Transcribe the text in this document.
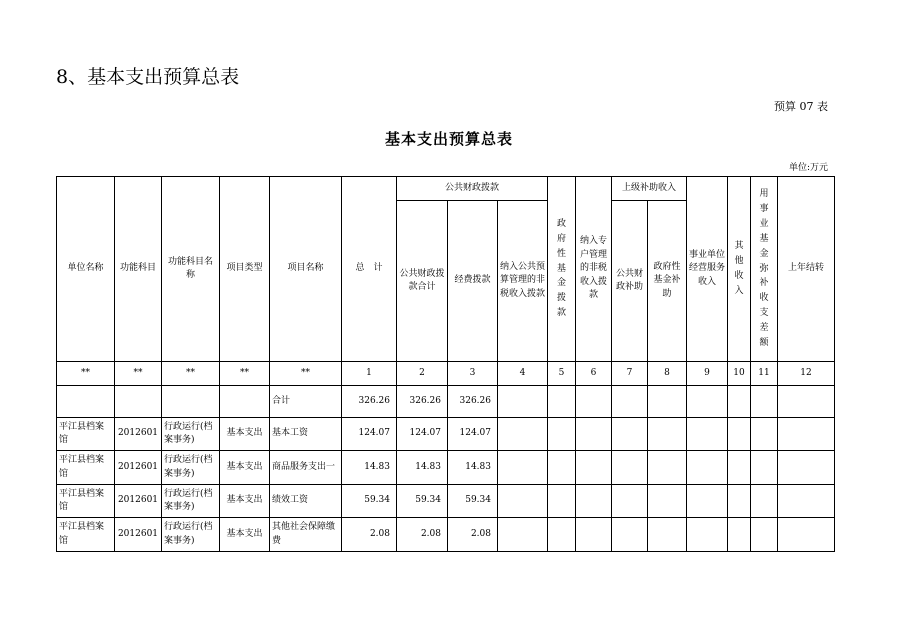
8、基本支出预算总表
预算 07 表
基本支出预算总表
单位:万元
单位名称	功能科目	功能科目名称	项目类型	项目名称	总　计	公共财政拨款			政府性基金拨款	纳入专户管理的非税收入拨款	上级补助收入		事业单位经营服务收入	其他收入	用事业基金弥补收支差额	上年结转
						公共财政拨款合计	经费拨款	纳入公共预算管理的非税收入拨款			公共财政补助	政府性基金补助				
**	**	**	**	**	1	2	3	4	5	6	7	8	9	10	11	12
				合计	326.26	326.26	326.26									
平江县档案馆	2012601	行政运行(档案事务)	基本支出	基本工资	124.07	124.07	124.07									
平江县档案馆	2012601	行政运行(档案事务)	基本支出	商品服务支出一	14.83	14.83	14.83									
平江县档案馆	2012601	行政运行(档案事务)	基本支出	绩效工资	59.34	59.34	59.34									
平江县档案馆	2012601	行政运行(档案事务)	基本支出	其他社会保障缴费	2.08	2.08	2.08									
